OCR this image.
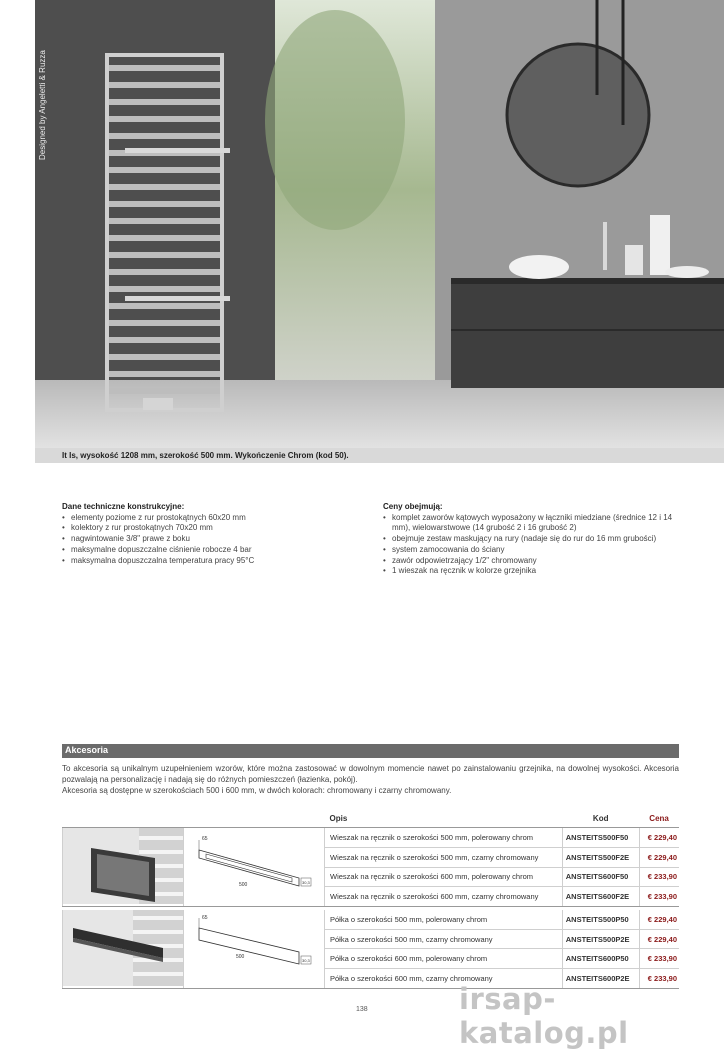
Designed by Angeletti & Ruzza
It Is, wysokość 1208 mm, szerokość 500 mm. Wykończenie Chrom (kod 50).
Dane techniczne konstrukcyjne:
• elementy poziome z rur prostokątnych 60x20 mm
• kolektory z rur prostokątnych 70x20 mm
• nagwintowanie 3/8" prawe z boku
• maksymalne dopuszczalne ciśnienie robocze 4 bar
• maksymalna dopuszczalna temperatura pracy 95°C
Ceny obejmują:
• komplet zaworów kątowych wyposażony w łączniki miedziane (średnice 12 i 14 mm), wielowarstwowe (14 grubość 2 i 16 grubość 2)
• obejmuje zestaw maskujący na rury (nadaje się do rur do 16 mm grubości)
• system zamocowania do ściany
• zawór odpowietrzający 1/2" chromowany
• 1 wieszak na ręcznik w kolorze grzejnika
Akcesoria
To akcesoria są unikalnym uzupełnieniem wzorów, które można zastosować w dowolnym momencie nawet po zainstalowaniu grzejnika, na dowolnej wysokości. Akcesoria pozwalają na personalizację i nadają się do różnych pomieszczeń (łazienka, pokój).
Akcesoria są dostępne w szerokościach 500 i 600 mm, w dwóch kolorach: chromowany i czarny chromowany.
		Opis	Kod	Cena

65
500 30,3	Wieszak na ręcznik o szerokości 500 mm, polerowany chrom	ANSTEITS500F50	€ 229,40
		Wieszak na ręcznik o szerokości 500 mm, czarny chromowany	ANSTEITS500F2E	€ 229,40
		Wieszak na ręcznik o szerokości 600 mm, polerowany chrom	ANSTEITS600F50	€ 233,90
		Wieszak na ręcznik o szerokości 600 mm, czarny chromowany	ANSTEITS600F2E	€ 233,90

65
500
30,3	Półka o szerokości 500 mm, polerowany chrom	ANSTEITS500P50	€ 229,40
		Półka o szerokości 500 mm, czarny chromowany	ANSTEITS500P2E	€ 229,40
		Półka o szerokości 600 mm, polerowany chrom	ANSTEITS600P50	€ 233,90
		Półka o szerokości 600 mm, czarny chromowany	ANSTEITS600P2E	€ 233,90
irsap-katalog.pl
138
